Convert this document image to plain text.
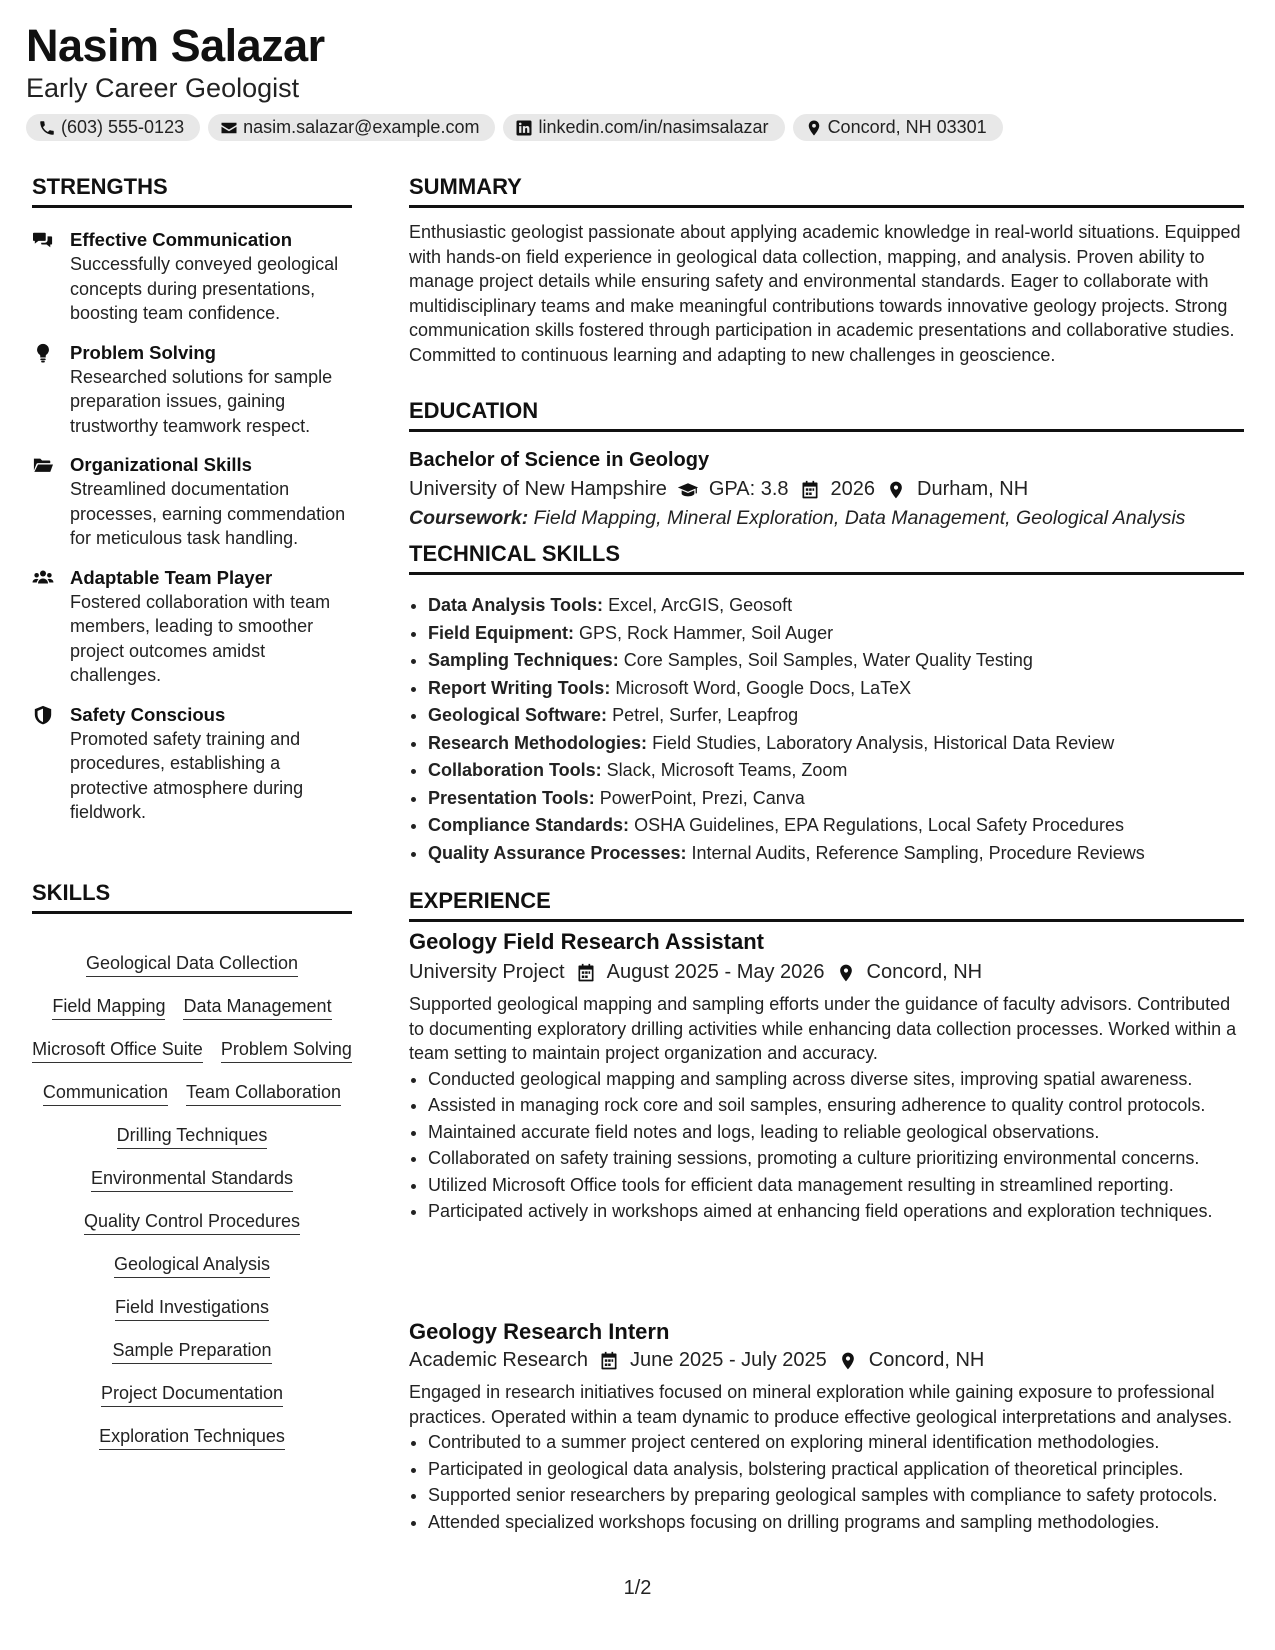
Nasim Salazar
Early Career Geologist
(603) 555-0123	nasim.salazar@example.com	linkedin.com/in/nasimsalazar	Concord, NH 03301
STRENGTHS
Effective Communication
Successfully conveyed geological concepts during presentations, boosting team confidence.
Problem Solving
Researched solutions for sample preparation issues, gaining trustworthy teamwork respect.
Organizational Skills
Streamlined documentation processes, earning commendation for meticulous task handling.
Adaptable Team Player
Fostered collaboration with team members, leading to smoother project outcomes amidst challenges.
Safety Conscious
Promoted safety training and procedures, establishing a protective atmosphere during fieldwork.
SKILLS
Geological Data Collection
Field Mapping Data Management
Microsoft Office Suite Problem Solving
Communication Team Collaboration
Drilling Techniques
Environmental Standards
Quality Control Procedures
Geological Analysis
Field Investigations
Sample Preparation
Project Documentation
Exploration Techniques
SUMMARY

Enthusiastic geologist passionate about applying academic knowledge in real-world situations. Equipped with hands-on field experience in geological data collection, mapping, and analysis. Proven ability to manage project details while ensuring safety and environmental standards. Eager to collaborate with multidisciplinary teams and make meaningful contributions towards innovative geology projects. Strong communication skills fostered through participation in academic presentations and collaborative studies. Committed to continuous learning and adapting to new challenges in geoscience.

EDUCATION
Bachelor of Science in Geology
University of New Hampshire GPA: 3.8 2026 Durham, NH
Coursework: Field Mapping, Mineral Exploration, Data Management, Geological Analysis
TECHNICAL SKILLS
• Data Analysis Tools: Excel, ArcGIS, Geosoft
• Field Equipment: GPS, Rock Hammer, Soil Auger
• Sampling Techniques: Core Samples, Soil Samples, Water Quality Testing
• Report Writing Tools: Microsoft Word, Google Docs, LaTeX
• Geological Software: Petrel, Surfer, Leapfrog
• Research Methodologies: Field Studies, Laboratory Analysis, Historical Data Review
• Collaboration Tools: Slack, Microsoft Teams, Zoom
• Presentation Tools: PowerPoint, Prezi, Canva
• Compliance Standards: OSHA Guidelines, EPA Regulations, Local Safety Procedures
• Quality Assurance Processes: Internal Audits, Reference Sampling, Procedure Reviews
EXPERIENCE
Geology Field Research Assistant
University Project August 2025 - May 2026 Concord, NH

Supported geological mapping and sampling efforts under the guidance of faculty advisors. Contributed to documenting exploratory drilling activities while enhancing data collection processes. Worked within a team setting to maintain project organization and accuracy.

• Conducted geological mapping and sampling across diverse sites, improving spatial awareness.
• Assisted in managing rock core and soil samples, ensuring adherence to quality control protocols.
• Maintained accurate field notes and logs, leading to reliable geological observations.
• Collaborated on safety training sessions, promoting a culture prioritizing environmental concerns.
• Utilized Microsoft Office tools for efficient data management resulting in streamlined reporting.
• Participated actively in workshops aimed at enhancing field operations and exploration techniques.
Geology Research Intern
Academic Research June 2025 - July 2025 Concord, NH

Engaged in research initiatives focused on mineral exploration while gaining exposure to professional practices. Operated within a team dynamic to produce effective geological interpretations and analyses.

• Contributed to a summer project centered on exploring mineral identification methodologies.
• Participated in geological data analysis, bolstering practical application of theoretical principles.
• Supported senior researchers by preparing geological samples with compliance to safety protocols.
• Attended specialized workshops focusing on drilling programs and sampling methodologies.
1/2
